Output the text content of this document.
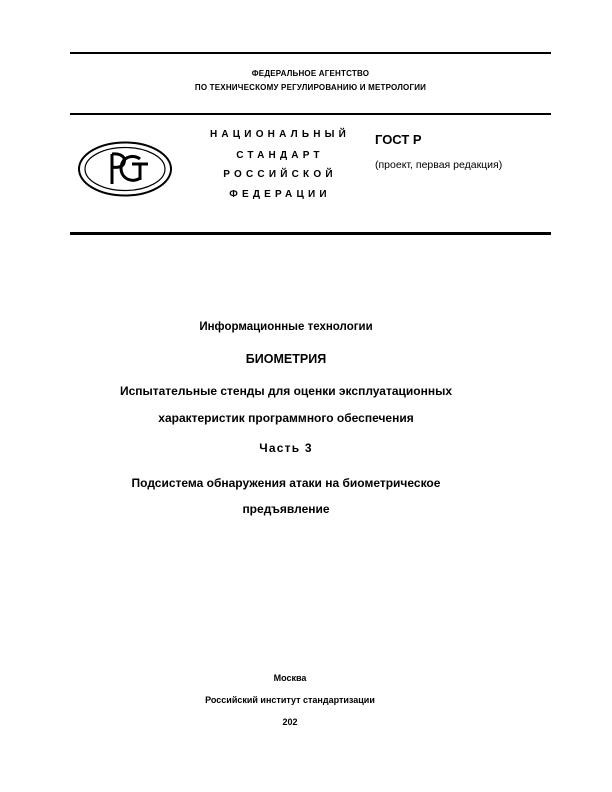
ФЕДЕРАЛЬНОЕ АГЕНТСТВО
ПО ТЕХНИЧЕСКОМУ РЕГУЛИРОВАНИЮ И МЕТРОЛОГИИ
НАЦИОНАЛЬНЫЙ
СТАНДАРТ
РОССИЙСКОЙ
ФЕДЕРАЦИИ
ГОСТ Р
(проект, первая редакция)
Информационные технологии
БИОМЕТРИЯ
Испытательные стенды для оценки эксплуатационных
характеристик программного обеспечения
Часть 3
Подсистема обнаружения атаки на биометрическое
предъявление
Москва
Российский институт стандартизации
202
